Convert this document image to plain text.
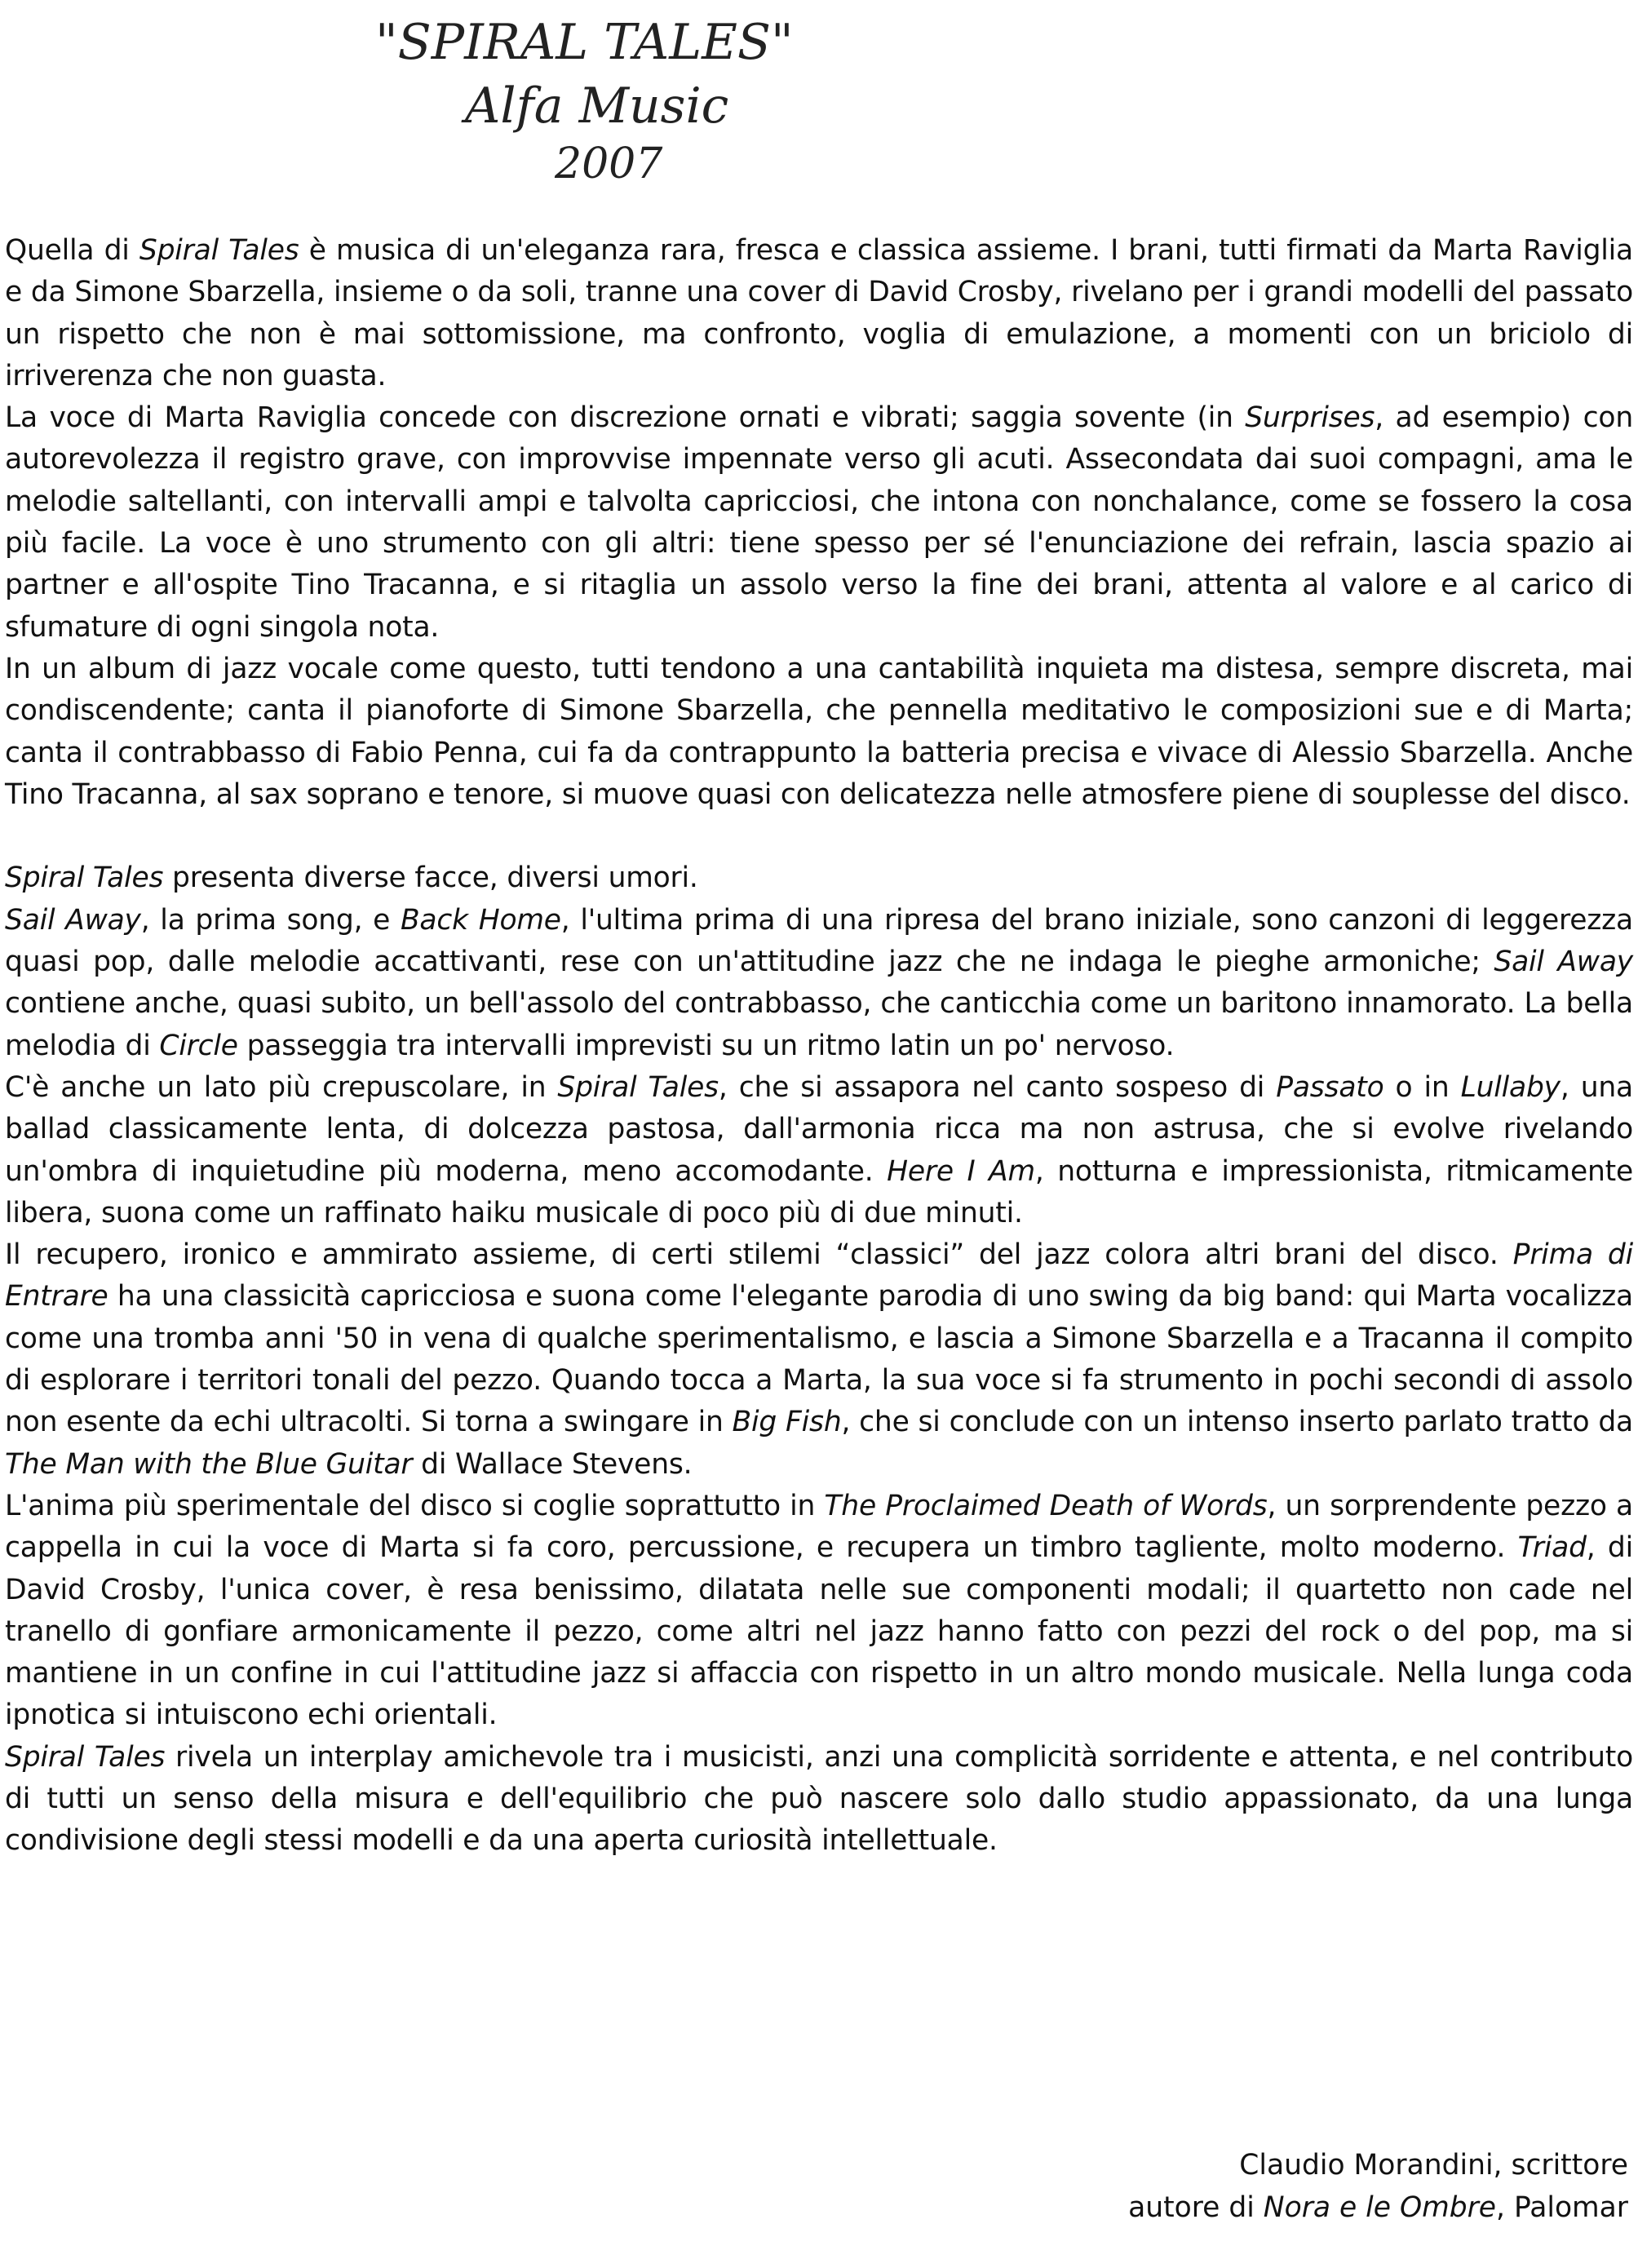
"SPIRAL TALES"
Alfa Music
2007

Quella di Spiral Tales è musica di un'eleganza rara, fresca e classica assieme. I brani, tutti firmati da Marta Raviglia e da Simone Sbarzella, insieme o da soli, tranne una cover di David Crosby, rivelano per i grandi modelli del passato un rispetto che non è mai sottomissione, ma confronto, voglia di emulazione, a momenti con un briciolo di irriverenza che non guasta.

La voce di Marta Raviglia concede con discrezione ornati e vibrati; saggia sovente (in Surprises, ad esempio) con autorevolezza il registro grave, con improvvise impennate verso gli acuti. Assecondata dai suoi compagni, ama le melodie saltellanti, con intervalli ampi e talvolta capricciosi, che intona con nonchalance, come se fossero la cosa più facile. La voce è uno strumento con gli altri: tiene spesso per sé l'enunciazione dei refrain, lascia spazio ai partner e all'ospite Tino Tracanna, e si ritaglia un assolo verso la fine dei brani, attenta al valore e al carico di sfumature di ogni singola nota.

In un album di jazz vocale come questo, tutti tendono a una cantabilità inquieta ma distesa, sempre discreta, mai condiscendente; canta il pianoforte di Simone Sbarzella, che pennella meditativo le composizioni sue e di Marta; canta il contrabbasso di Fabio Penna, cui fa da contrappunto la batteria precisa e vivace di Alessio Sbarzella. Anche Tino Tracanna, al sax soprano e tenore, si muove quasi con delicatezza nelle atmosfere piene di souplesse del disco.

Spiral Tales presenta diverse facce, diversi umori.

Sail Away, la prima song, e Back Home, l'ultima prima di una ripresa del brano iniziale, sono canzoni di leggerezza quasi pop, dalle melodie accattivanti, rese con un'attitudine jazz che ne indaga le pieghe armoniche; Sail Away contiene anche, quasi subito, un bell'assolo del contrabbasso, che canticchia come un baritono innamorato. La bella melodia di Circle passeggia tra intervalli imprevisti su un ritmo latin un po' nervoso.

C'è anche un lato più crepuscolare, in Spiral Tales, che si assapora nel canto sospeso di Passato o in Lullaby, una ballad classicamente lenta, di dolcezza pastosa, dall'armonia ricca ma non astrusa, che si evolve rivelando un'ombra di inquietudine più moderna, meno accomodante. Here I Am, notturna e impressionista, ritmicamente libera, suona come un raffinato haiku musicale di poco più di due minuti.

Il recupero, ironico e ammirato assieme, di certi stilemi “classici” del jazz colora altri brani del disco. Prima di Entrare ha una classicità capricciosa e suona come l'elegante parodia di uno swing da big band: qui Marta vocalizza come una tromba anni '50 in vena di qualche sperimentalismo, e lascia a Simone Sbarzella e a Tracanna il compito di esplorare i territori tonali del pezzo. Quando tocca a Marta, la sua voce si fa strumento in pochi secondi di assolo non esente da echi ultracolti. Si torna a swingare in Big Fish, che si conclude con un intenso inserto parlato tratto da The Man with the Blue Guitar di Wallace Stevens.

L'anima più sperimentale del disco si coglie soprattutto in The Proclaimed Death of Words, un sorprendente pezzo a cappella in cui la voce di Marta si fa coro, percussione, e recupera un timbro tagliente, molto moderno. Triad, di David Crosby, l'unica cover, è resa benissimo, dilatata nelle sue componenti modali; il quartetto non cade nel tranello di gonfiare armonicamente il pezzo, come altri nel jazz hanno fatto con pezzi del rock o del pop, ma si mantiene in un confine in cui l'attitudine jazz si affaccia con rispetto in un altro mondo musicale. Nella lunga coda ipnotica si intuiscono echi orientali.

Spiral Tales rivela un interplay amichevole tra i musicisti, anzi una complicità sorridente e attenta, e nel contributo di tutti un senso della misura e dell'equilibrio che può nascere solo dallo studio appassionato, da una lunga condivisione degli stessi modelli e da una aperta curiosità intellettuale.

Claudio Morandini, scrittore
autore di Nora e le Ombre, Palomar
